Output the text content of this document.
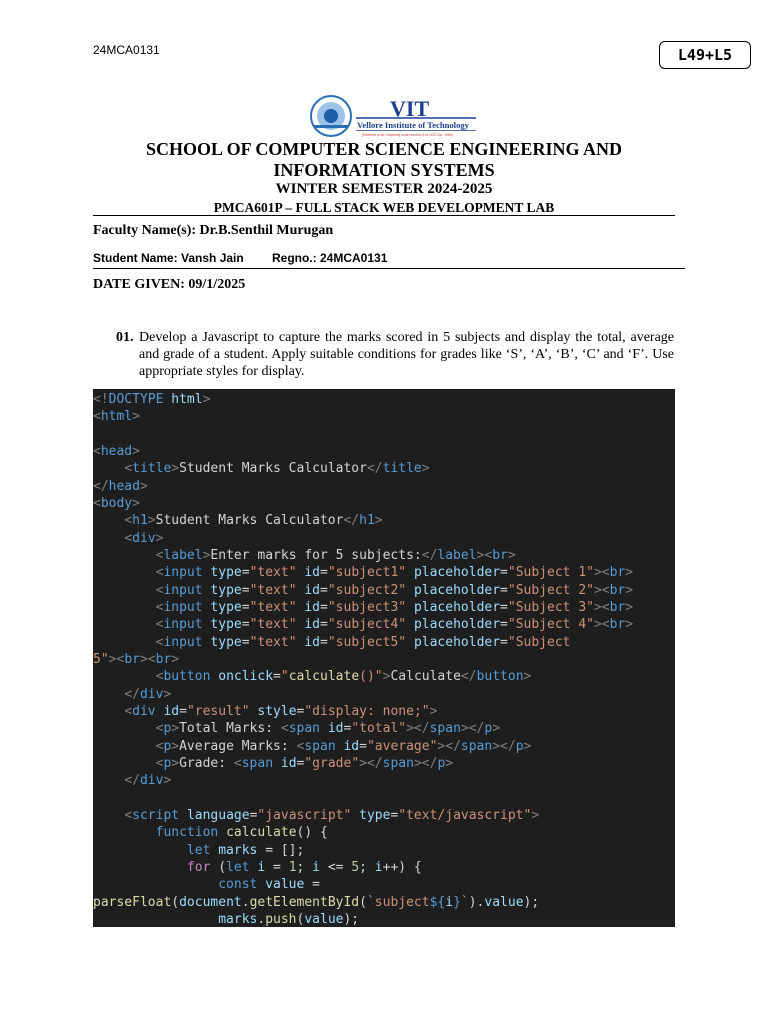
24MCA0131	L49+L5
VIT
Vellore Institute of Technology
(Deemed to be University under section 3 of UGC Act, 1956)
SCHOOL OF COMPUTER SCIENCE ENGINEERING AND INFORMATION SYSTEMS
WINTER SEMESTER 2024-2025
PMCA601P – FULL STACK WEB DEVELOPMENT LAB
Faculty Name(s): Dr.B.Senthil Murugan
Student Name: Vansh Jain Regno.: 24MCA0131
DATE GIVEN: 09/1/2025
01. Develop a Javascript to capture the marks scored in 5 subjects and display the total, average and grade of a student. Apply suitable conditions for grades like ‘S’, ‘A’, ‘B’, ‘C’ and ‘F’. Use appropriate styles for display.
<!DOCTYPE html>
<html>

<head>
<title>Student Marks Calculator</title>
</head>
<body>
<h1>Student Marks Calculator</h1>
<div>
<label>Enter marks for 5 subjects:</label><br>
<input type="text" id="subject1" placeholder="Subject 1"><br>
<input type="text" id="subject2" placeholder="Subject 2"><br>
<input type="text" id="subject3" placeholder="Subject 3"><br>
<input type="text" id="subject4" placeholder="Subject 4"><br>
<input type="text" id="subject5" placeholder="Subject
5"><br><br>
<button onclick="calculate()">Calculate</button>
</div>
<div id="result" style="display: none;">
<p>Total Marks: <span id="total"></span></p>
<p>Average Marks: <span id="average"></span></p>
<p>Grade: <span id="grade"></span></p>
</div>

<script language="javascript" type="text/javascript">
function calculate() {
let marks = [];
for (let i = 1; i <= 5; i++) {
const value =
parseFloat(document.getElementById(`subject${i}`).value);
marks.push(value);
